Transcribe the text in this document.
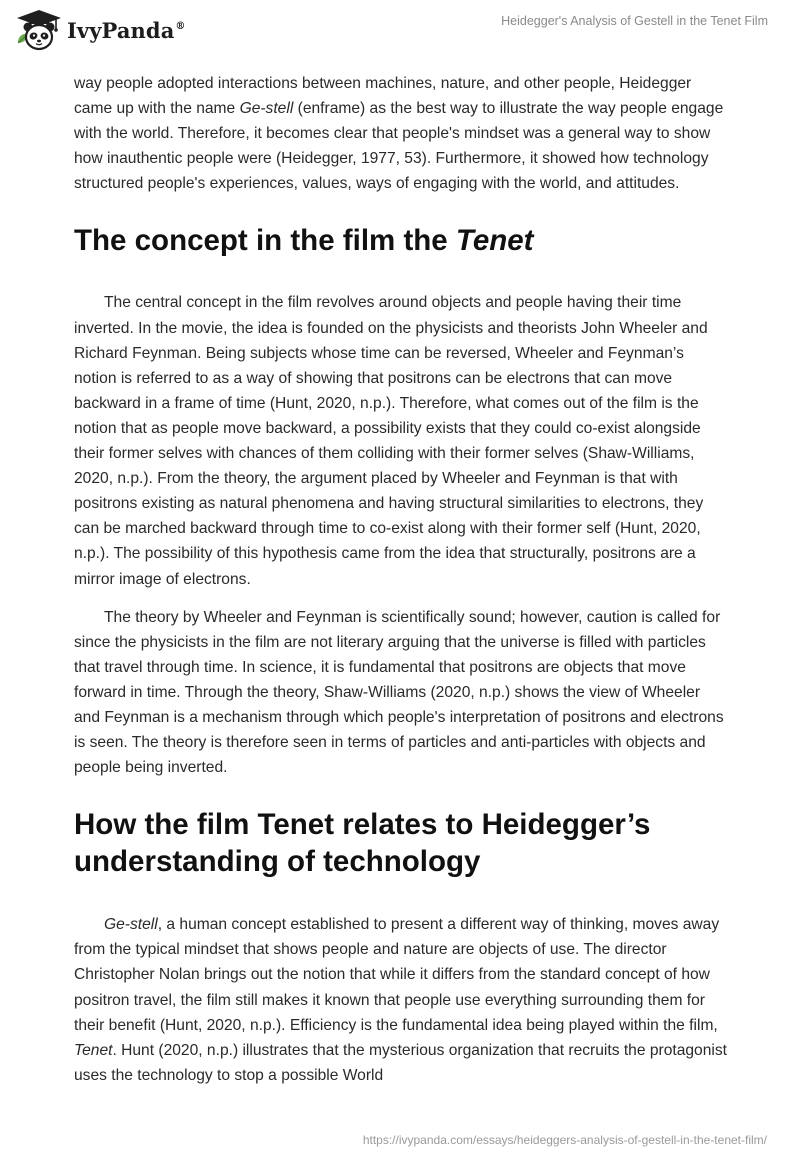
IvyPanda®	Heidegger's Analysis of Gestell in the Tenet Film

way people adopted interactions between machines, nature, and other people, Heidegger came up with the name Ge-stell (enframe) as the best way to illustrate the way people engage with the world. Therefore, it becomes clear that people's mindset was a general way to show how inauthentic people were (Heidegger, 1977, 53). Furthermore, it showed how technology structured people's experiences, values, ways of engaging with the world, and attitudes.

The concept in the film the Tenet

The central concept in the film revolves around objects and people having their time inverted. In the movie, the idea is founded on the physicists and theorists John Wheeler and Richard Feynman. Being subjects whose time can be reversed, Wheeler and Feynman’s notion is referred to as a way of showing that positrons can be electrons that can move backward in a frame of time (Hunt, 2020, n.p.). Therefore, what comes out of the film is the notion that as people move backward, a possibility exists that they could co-exist alongside their former selves with chances of them colliding with their former selves (Shaw-Williams, 2020, n.p.). From the theory, the argument placed by Wheeler and Feynman is that with positrons existing as natural phenomena and having structural similarities to electrons, they can be marched backward through time to co-exist along with their former self (Hunt, 2020, n.p.). The possibility of this hypothesis came from the idea that structurally, positrons are a mirror image of electrons.

The theory by Wheeler and Feynman is scientifically sound; however, caution is called for since the physicists in the film are not literary arguing that the universe is filled with particles that travel through time. In science, it is fundamental that positrons are objects that move forward in time. Through the theory, Shaw-Williams (2020, n.p.) shows the view of Wheeler and Feynman is a mechanism through which people's interpretation of positrons and electrons is seen. The theory is therefore seen in terms of particles and anti-particles with objects and people being inverted.

How the film Tenet relates to Heidegger’s understanding of technology

Ge-stell, a human concept established to present a different way of thinking, moves away from the typical mindset that shows people and nature are objects of use. The director Christopher Nolan brings out the notion that while it differs from the standard concept of how positron travel, the film still makes it known that people use everything surrounding them for their benefit (Hunt, 2020, n.p.). Efficiency is the fundamental idea being played within the film, Tenet. Hunt (2020, n.p.) illustrates that the mysterious organization that recruits the protagonist uses the technology to stop a possible World

https://ivypanda.com/essays/heideggers-analysis-of-gestell-in-the-tenet-film/
